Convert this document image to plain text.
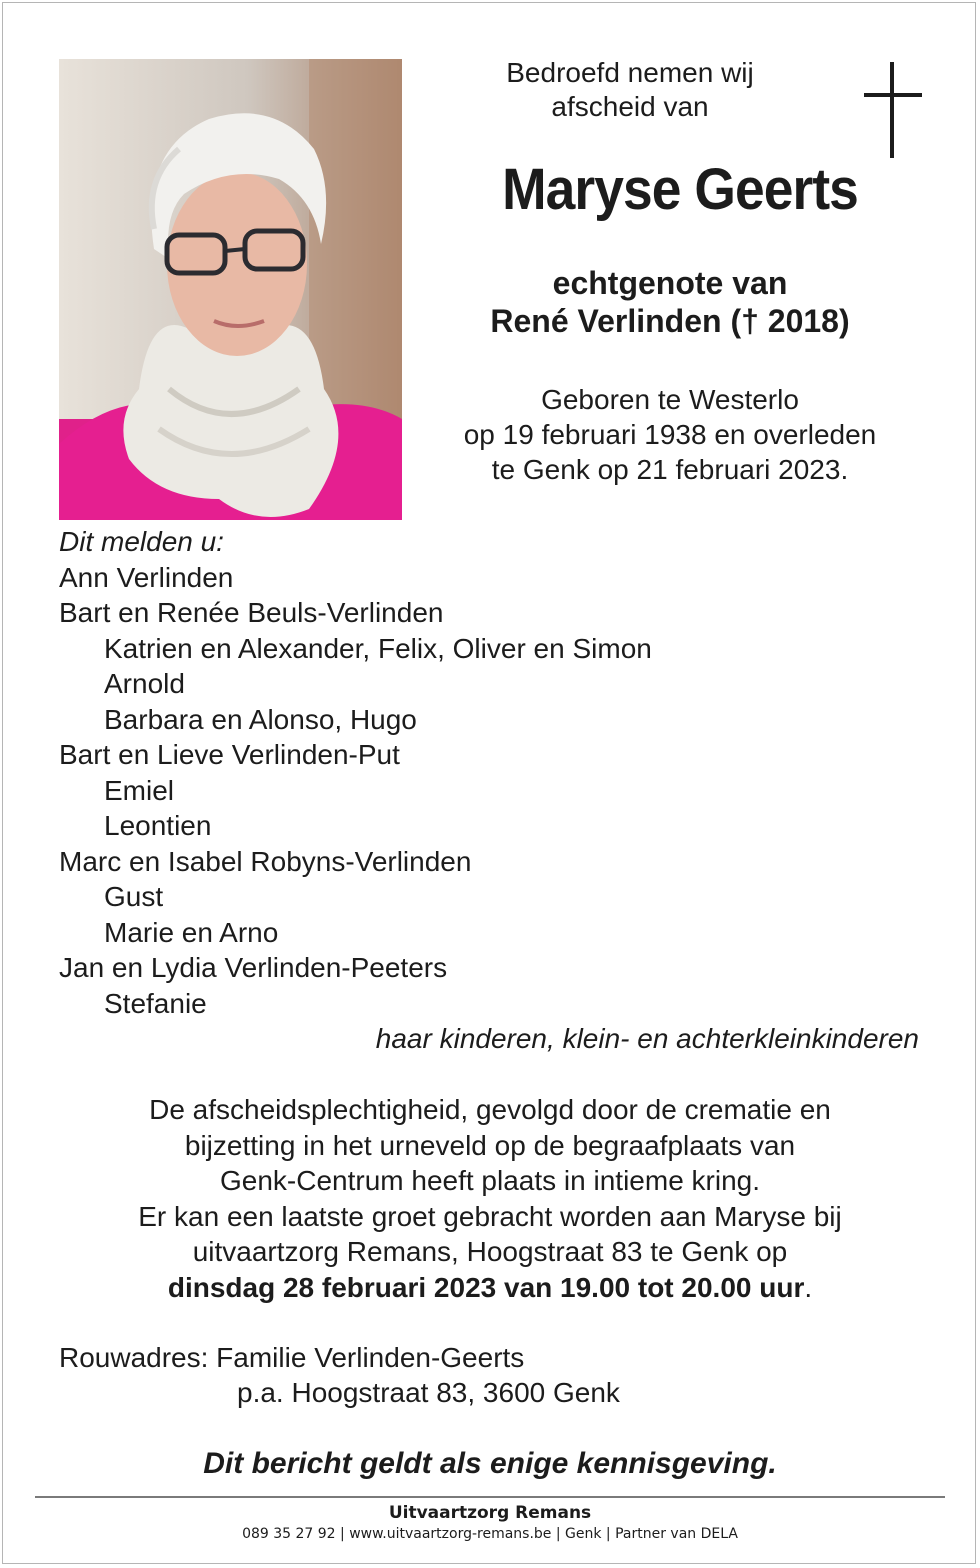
Bedroefd nemen wij
afscheid van
Maryse Geerts
echtgenote van
René Verlinden († 2018)
Geboren te Westerlo
op 19 februari 1938 en overleden
te Genk op 21 februari 2023.
Dit melden u:
Ann Verlinden
Bart en Renée Beuls-Verlinden
Katrien en Alexander, Felix, Oliver en Simon
Arnold
Barbara en Alonso, Hugo
Bart en Lieve Verlinden-Put
Emiel
Leontien
Marc en Isabel Robyns-Verlinden
Gust
Marie en Arno
Jan en Lydia Verlinden-Peeters
Stefanie
haar kinderen, klein- en achterkleinkinderen
De afscheidsplechtigheid, gevolgd door de crematie en
bijzetting in het urneveld op de begraafplaats van
Genk-Centrum heeft plaats in intieme kring.
Er kan een laatste groet gebracht worden aan Maryse bij
uitvaartzorg Remans, Hoogstraat 83 te Genk op
dinsdag 28 februari 2023 van 19.00 tot 20.00 uur.
Rouwadres: Familie Verlinden-Geerts
p.a. Hoogstraat 83, 3600 Genk
Dit bericht geldt als enige kennisgeving.
Uitvaartzorg Remans
089 35 27 92 | www.uitvaartzorg-remans.be | Genk | Partner van DELA
